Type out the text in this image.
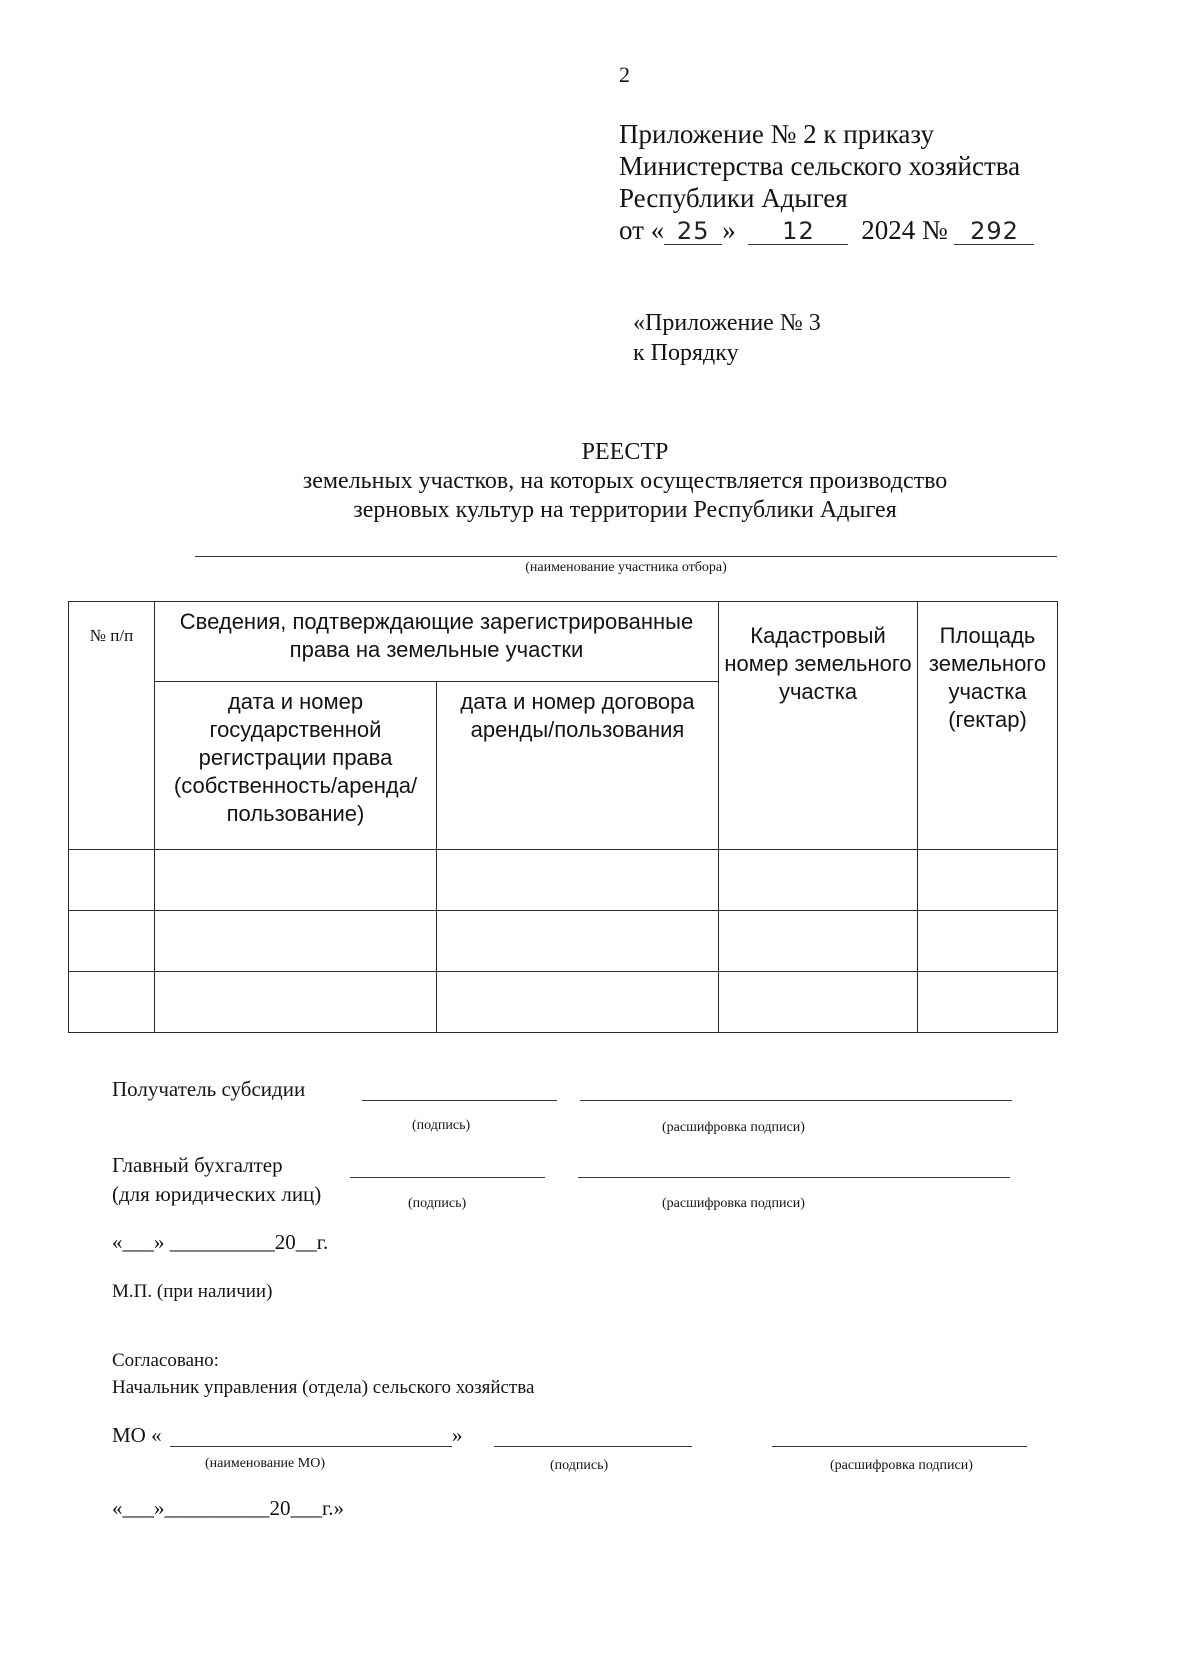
2
Приложение № 2 к приказу
Министерства сельского хозяйства
Республики Адыгея
от « 25 » 12 2024 № 292
«Приложение № 3
к Порядку
РЕЕСТР
земельных участков, на которых осуществляется производство
зерновых культур на территории Республики Адыгея
(наименование участника отбора)
№ п/п	Сведения, подтверждающие зарегистрированные права на земельные участки		Кадастровый номер земельного участка	Площадь земельного участка (гектар)
	дата и номер государственной регистрации права (собственность/аренда/ пользование)	дата и номер договора аренды/пользования		

Получатель субсидии
(подпись)	(расшифровка подписи)
Главный бухгалтер
(для юридических лиц)	(подпись)	(расшифровка подписи)
«___» __________20__г.
М.П. (при наличии)
Согласовано:
Начальник управления (отдела) сельского хозяйства
МО «	»
(наименование МО)	(подпись)	(расшифровка подписи)
«___»__________20___г.»
